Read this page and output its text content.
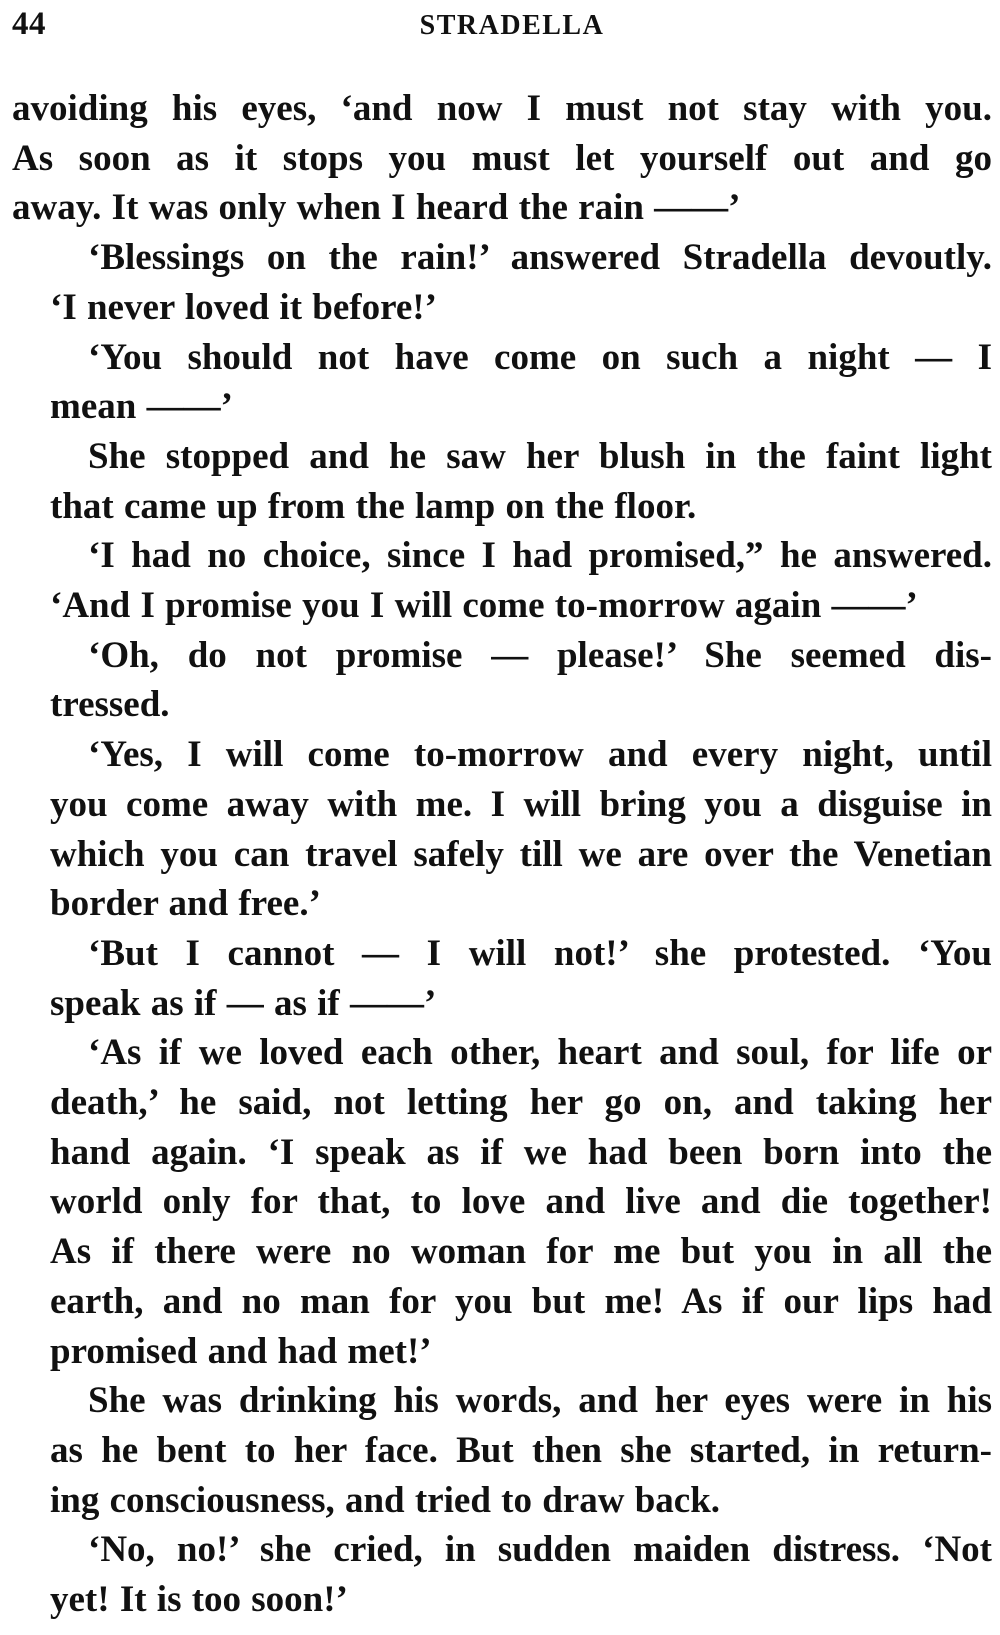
44	STRADELLA

avoiding his eyes, ‘and now I must not stay with you.
As soon as it stops you must let yourself out and go
away. It was only when I heard the rain ——’

‘Blessings on the rain!’ answered Stradella devoutly.
‘I never loved it before!’

‘You should not have come on such a night — I
mean ——’

She stopped and he saw her blush in the faint light
that came up from the lamp on the floor.

‘I had no choice, since I had promised,” he answered.
‘And I promise you I will come to-morrow again ——’

‘Oh, do not promise — please!’ She seemed dis-
tressed.

‘Yes, I will come to-morrow and every night, until
you come away with me. I will bring you a disguise in
which you can travel safely till we are over the Venetian
border and free.’

‘But I cannot — I will not!’ she protested. ‘You
speak as if — as if ——’

‘As if we loved each other, heart and soul, for life or
death,’ he said, not letting her go on, and taking her
hand again. ‘I speak as if we had been born into the
world only for that, to love and live and die together!
As if there were no woman for me but you in all the
earth, and no man for you but me! As if our lips had
promised and had met!’

She was drinking his words, and her eyes were in his
as he bent to her face. But then she started, in return-
ing consciousness, and tried to draw back.

‘No, no!’ she cried, in sudden maiden distress. ‘Not
yet! It is too soon!’
